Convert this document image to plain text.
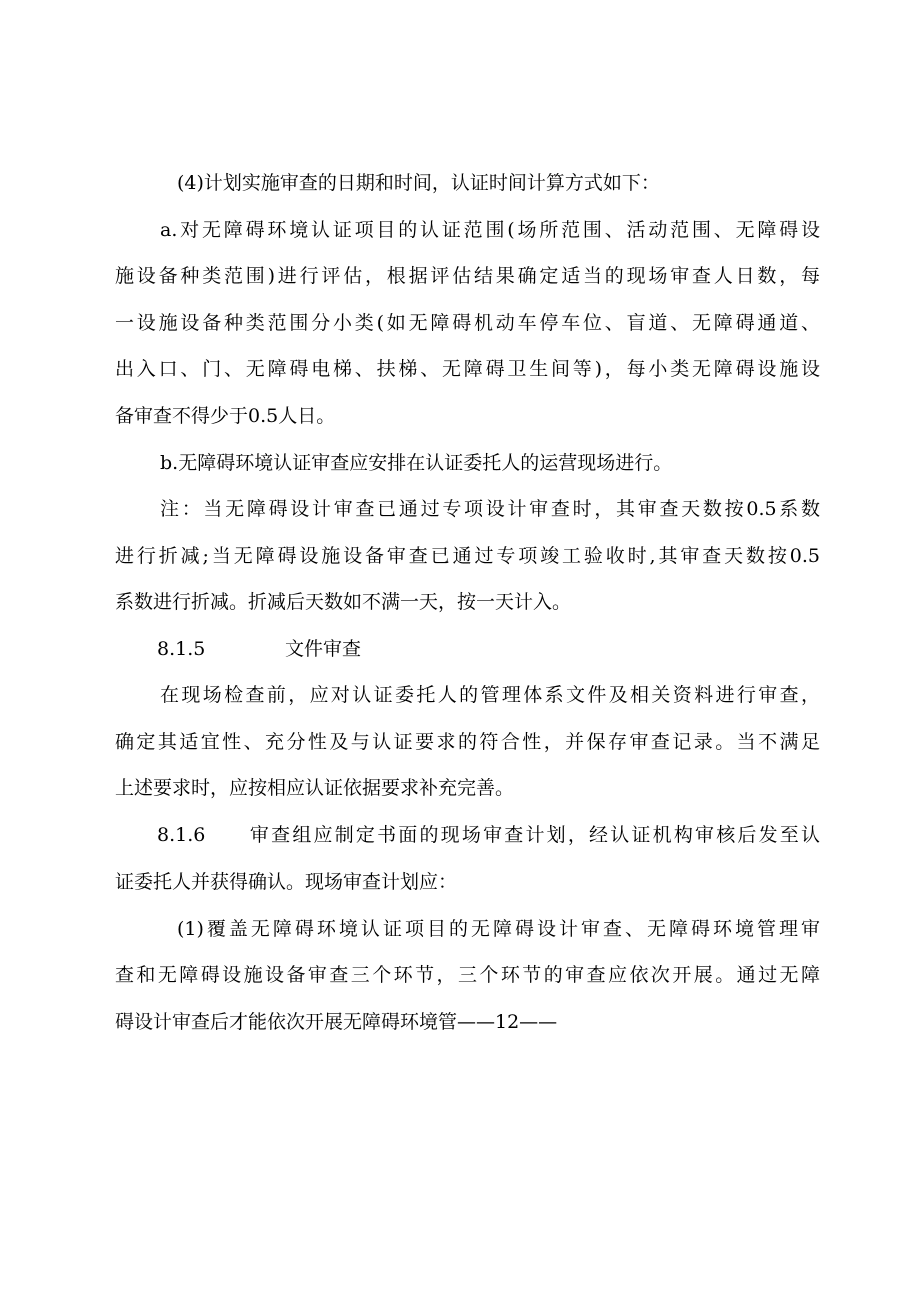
(4)计划实施审查的日期和时间，认证时间计算方式如下：
a.对无障碍环境认证项目的认证范围(场所范围、活动范围、无障碍设
施设备种类范围)进行评估，根据评估结果确定适当的现场审查人日数，每
一设施设备种类范围分小类(如无障碍机动车停车位、盲道、无障碍通道、
出入口、门、无障碍电梯、扶梯、无障碍卫生间等)，每小类无障碍设施设
备审查不得少于0.5人日。
b.无障碍环境认证审查应安排在认证委托人的运营现场进行。
注：当无障碍设计审查已通过专项设计审查时，其审查天数按0.5系数
进行折减;当无障碍设施设备审查已通过专项竣工验收时,其审查天数按0.5
系数进行折减。折减后天数如不满一天，按一天计入。
8.1.5	文件审查
在现场检查前，应对认证委托人的管理体系文件及相关资料进行审查，
确定其适宜性、充分性及与认证要求的符合性，并保存审查记录。当不满足
上述要求时，应按相应认证依据要求补充完善。
8.1.6　　审查组应制定书面的现场审查计划，经认证机构审核后发至认
证委托人并获得确认。现场审查计划应：
(1)覆盖无障碍环境认证项目的无障碍设计审查、无障碍环境管理审
查和无障碍设施设备审查三个环节，三个环节的审查应依次开展。通过无障
碍设计审查后才能依次开展无障碍环境管——12——
